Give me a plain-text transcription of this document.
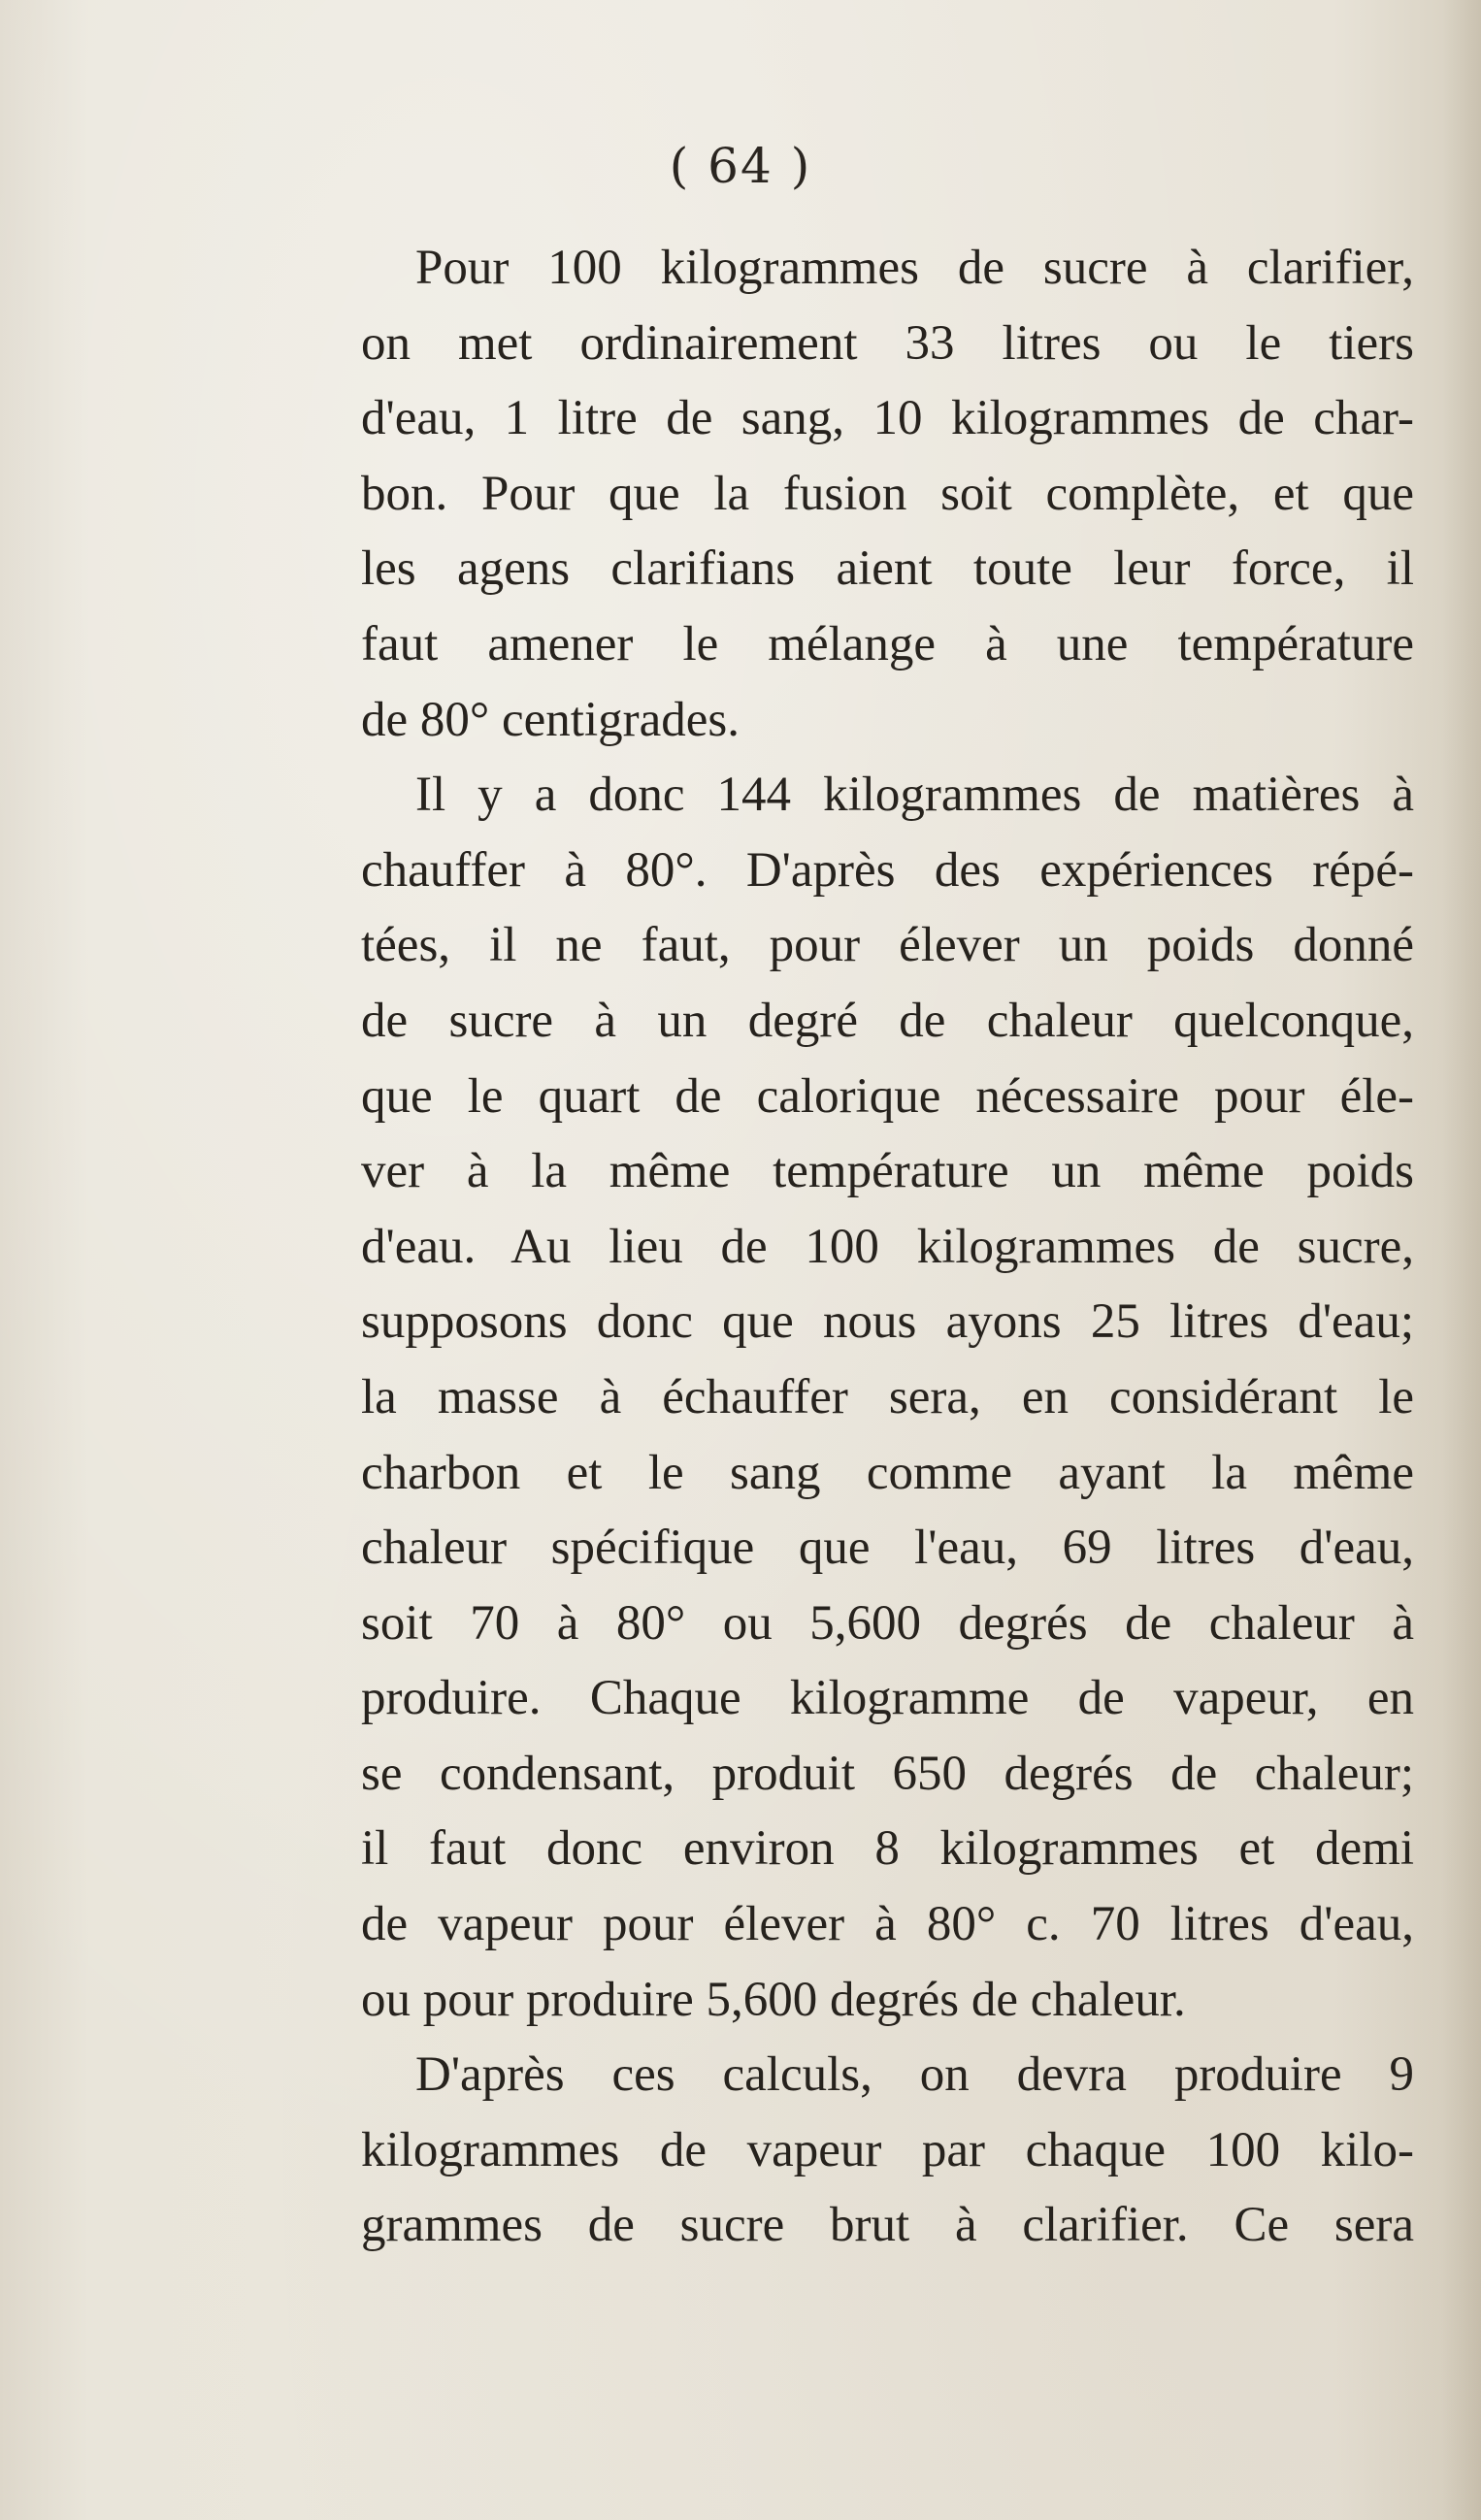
( 64 )
Pour 100 kilogrammes de sucre à clarifier,
on met ordinairement 33 litres ou le tiers
d'eau, 1 litre de sang, 10 kilogrammes de char-
bon. Pour que la fusion soit complète, et que
les agens clarifians aient toute leur force, il
faut amener le mélange à une température
de 80° centigrades.
Il y a donc 144 kilogrammes de matières à
chauffer à 80°. D'après des expériences répé-
tées, il ne faut, pour élever un poids donné
de sucre à un degré de chaleur quelconque,
que le quart de calorique nécessaire pour éle-
ver à la même température un même poids
d'eau. Au lieu de 100 kilogrammes de sucre,
supposons donc que nous ayons 25 litres d'eau;
la masse à échauffer sera, en considérant le
charbon et le sang comme ayant la même
chaleur spécifique que l'eau, 69 litres d'eau,
soit 70 à 80° ou 5,600 degrés de chaleur à
produire. Chaque kilogramme de vapeur, en
se condensant, produit 650 degrés de chaleur;
il faut donc environ 8 kilogrammes et demi
de vapeur pour élever à 80° c. 70 litres d'eau,
ou pour produire 5,600 degrés de chaleur.
D'après ces calculs, on devra produire 9
kilogrammes de vapeur par chaque 100 kilo-
grammes de sucre brut à clarifier. Ce sera
